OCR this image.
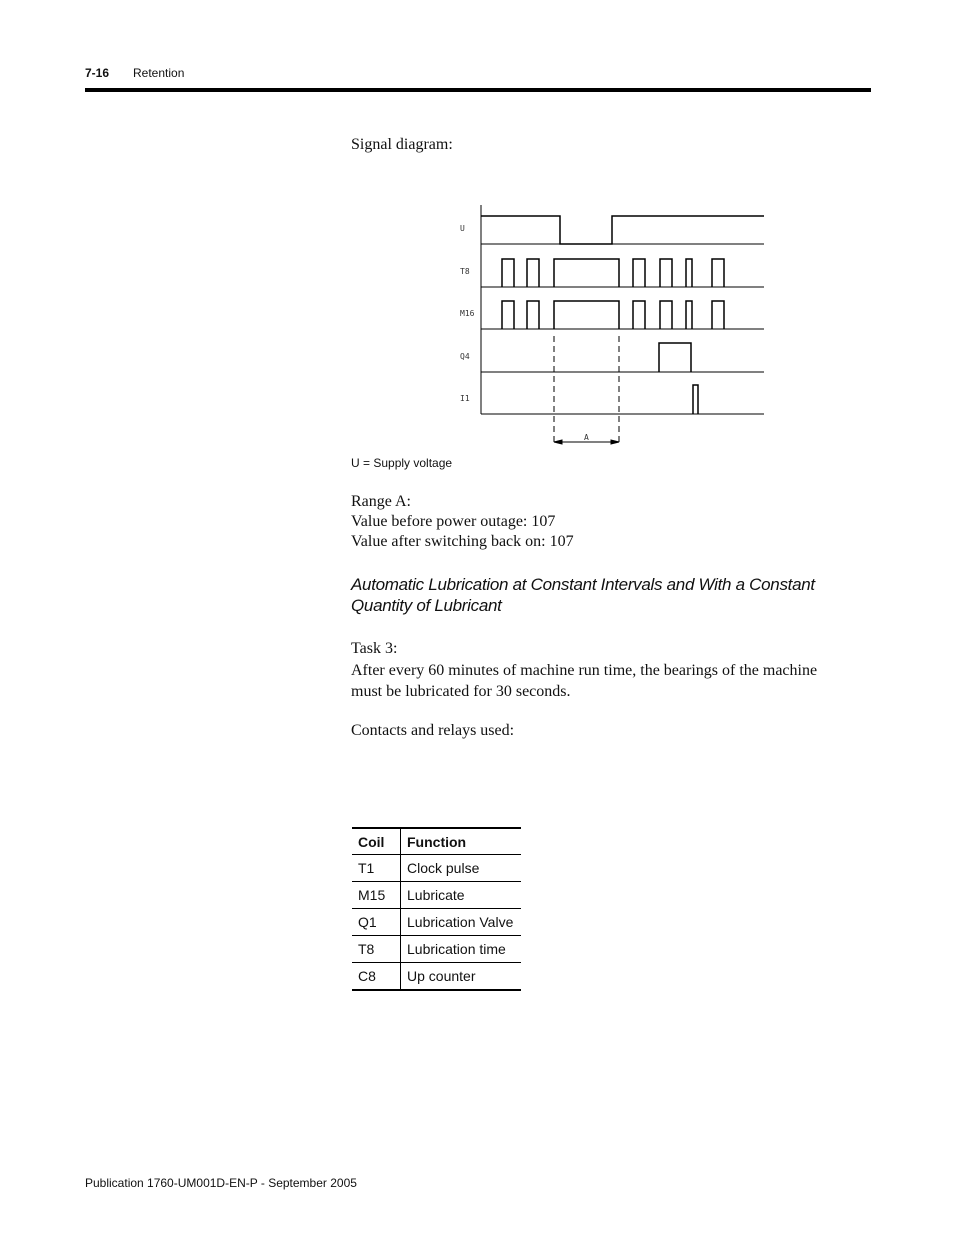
7-16 Retention
Signal diagram:
U
T8
M16
Q4
I1
A
U = Supply voltage
Range A:
Value before power outage: 107
Value after switching back on: 107
Automatic Lubrication at Constant Intervals and With a Constant Quantity of Lubricant
Task 3:
After every 60 minutes of machine run time, the bearings of the machine must be lubricated for 30 seconds.
Contacts and relays used:
Coil	Function
T1	Clock pulse
M15	Lubricate
Q1	Lubrication Valve
T8	Lubrication time
C8	Up counter
Publication 1760-UM001D-EN-P - September 2005
